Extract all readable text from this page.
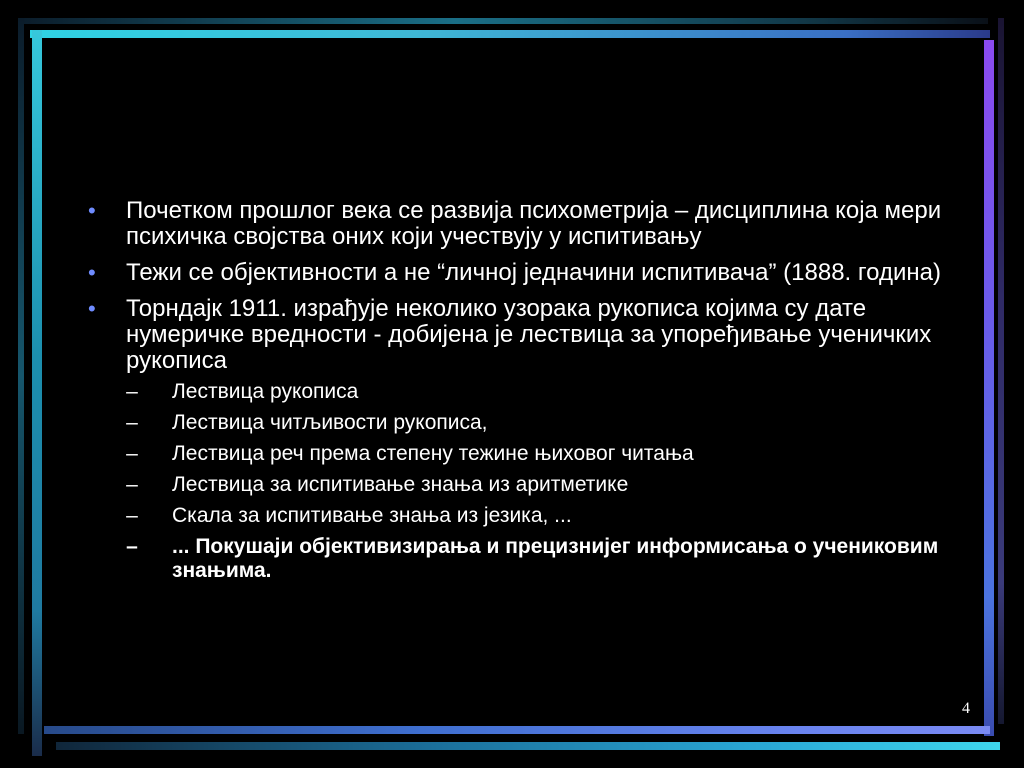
• Почетком прошлог века се развија психометрија – дисциплина која мери психичка својства оних који учествују у испитивању
• Тежи се објективности а не “личној једначини испитивача” (1888. година)
• Торндајк 1911. израђује неколико узорака рукописа којима су дате нумеричке вредности - добијена је лествица за упоређивање ученичких рукописа
– Лествица рукописа
– Лествица читљивости рукописа,
– Лествица реч према степену тежине њиховог читања
– Лествица за испитивање знања из аритметике
– Скала за испитивање знања из језика, ...
– ... Покушаји објективизирања и прецизнијег информисања о учениковим знањима.
4
